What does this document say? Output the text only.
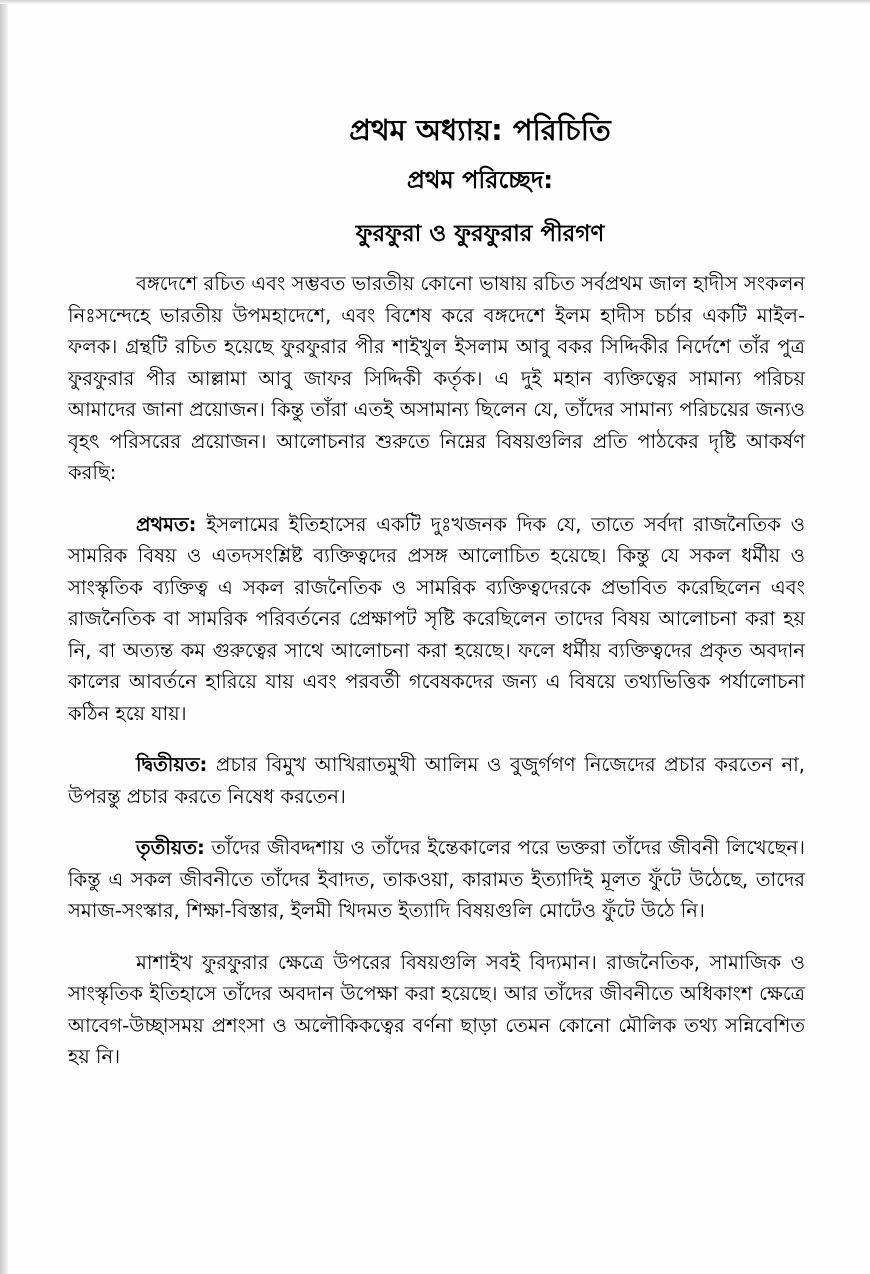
প্রথম অধ্যায়: পরিচিতি
প্রথম পরিচ্ছেদ:
ফুরফুরা ও ফুরফুরার পীরগণ

বঙ্গদেশে রচিত এবং সম্ভবত ভারতীয় কোনো ভাষায় রচিত সর্বপ্রথম জাল হাদীস সংকলন নিঃসন্দেহে ভারতীয় উপমহাদেশে, এবং বিশেষ করে বঙ্গদেশে ইলম হাদীস চর্চার একটি মাইল-ফলক। গ্রন্থটি রচিত হয়েছে ফুরফুরার পীর শাইখুল ইসলাম আবু বকর সিদ্দিকীর নির্দেশে তাঁর পুত্র ফুরফুরার পীর আল্লামা আবু জাফর সিদ্দিকী কর্তৃক। এ দুই মহান ব্যক্তিত্বের সামান্য পরিচয় আমাদের জানা প্রয়োজন। কিন্তু তাঁরা এতই অসামান্য ছিলেন যে, তাঁদের সামান্য পরিচয়ের জন্যও বৃহৎ পরিসরের প্রয়োজন। আলোচনার শুরুতে নিম্নের বিষয়গুলির প্রতি পাঠকের দৃষ্টি আকর্ষণ করছি:

প্রথমত: ইসলামের ইতিহাসের একটি দুঃখজনক দিক যে, তাতে সর্বদা রাজনৈতিক ও সামরিক বিষয় ও এতদসংশ্লিষ্ট ব্যক্তিত্বদের প্রসঙ্গ আলোচিত হয়েছে। কিন্তু যে সকল ধর্মীয় ও সাংস্কৃতিক ব্যক্তিত্ব এ সকল রাজনৈতিক ও সামরিক ব্যক্তিত্বদেরকে প্রভাবিত করেছিলেন এবং রাজনৈতিক বা সামরিক পরিবর্তনের প্রেক্ষাপট সৃষ্টি করেছিলেন তাদের বিষয় আলোচনা করা হয় নি, বা অত্যন্ত কম গুরুত্বের সাথে আলোচনা করা হয়েছে। ফলে ধর্মীয় ব্যক্তিত্বদের প্রকৃত অবদান কালের আবর্তনে হারিয়ে যায় এবং পরবর্তী গবেষকদের জন্য এ বিষয়ে তথ্যভিত্তিক পর্যালোচনা কঠিন হয়ে যায়।

দ্বিতীয়ত: প্রচার বিমুখ আখিরাতমুখী আলিম ও বুজুর্গগণ নিজেদের প্রচার করতেন না, উপরন্তু প্রচার করতে নিষেধ করতেন।

তৃতীয়ত: তাঁদের জীবদ্দশায় ও তাঁদের ইন্তেকালের পরে ভক্তরা তাঁদের জীবনী লিখেছেন। কিন্তু এ সকল জীবনীতে তাঁদের ইবাদত, তাকওয়া, কারামত ইত্যাদিই মূলত ফুঁটে উঠেছে, তাদের সমাজ-সংস্কার, শিক্ষা-বিস্তার, ইলমী খিদমত ইত্যাদি বিষয়গুলি মোটেও ফুঁটে উঠে নি।

মাশাইখ ফুরফুরার ক্ষেত্রে উপরের বিষয়গুলি সবই বিদ্যমান। রাজনৈতিক, সামাজিক ও সাংস্কৃতিক ইতিহাসে তাঁদের অবদান উপেক্ষা করা হয়েছে। আর তাঁদের জীবনীতে অধিকাংশ ক্ষেত্রে আবেগ-উচ্ছাসময় প্রশংসা ও অলৌকিকত্বের বর্ণনা ছাড়া তেমন কোনো মৌলিক তথ্য সন্নিবেশিত হয় নি।
